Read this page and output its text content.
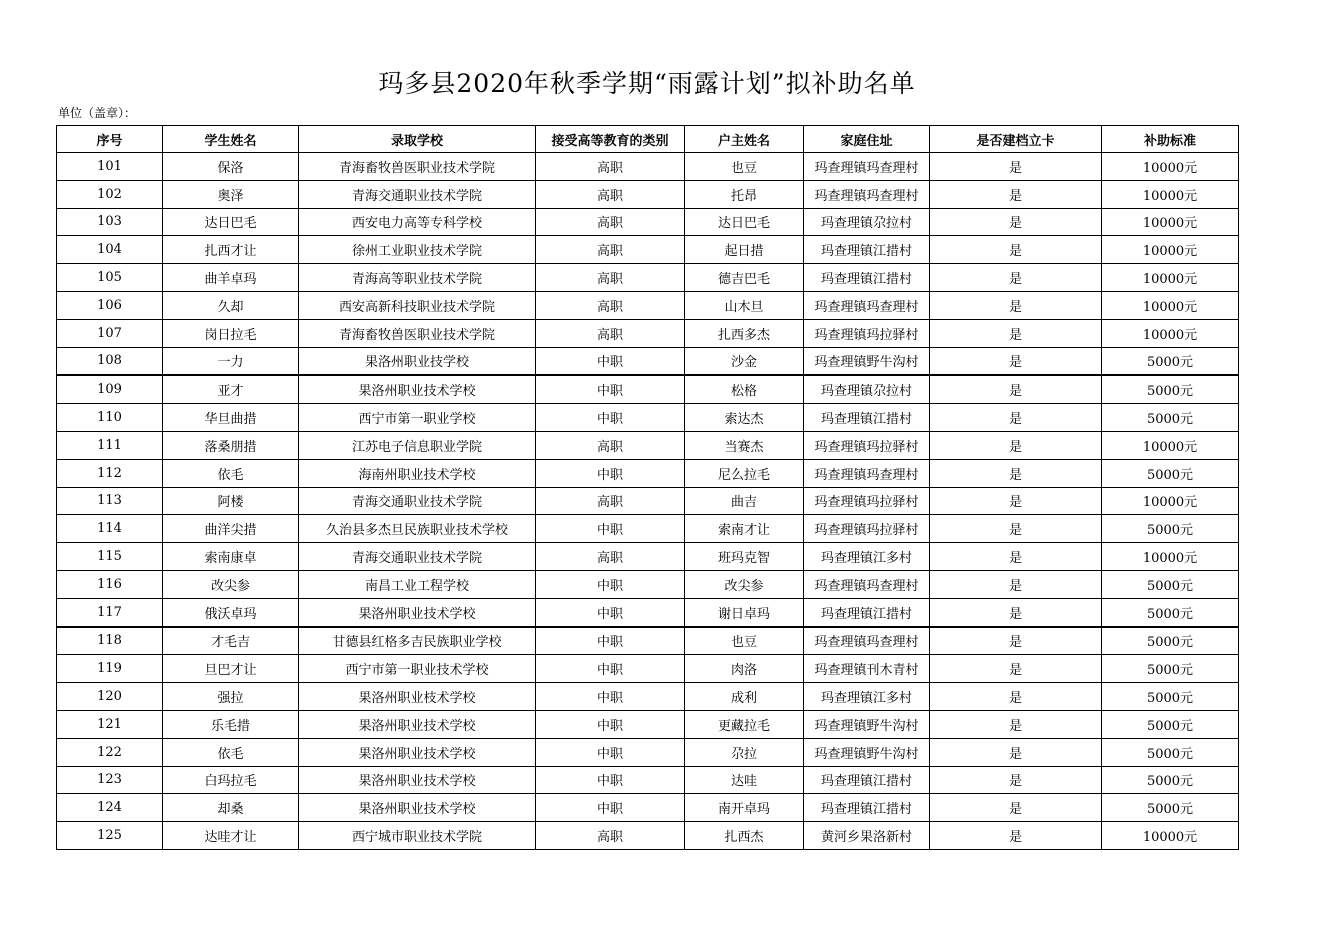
玛多县2020年秋季学期“雨露计划”拟补助名单
单位（盖章）：
序号	学生姓名	录取学校	接受高等教育的类别	户主姓名	家庭住址	是否建档立卡	补助标准
101	保洛	青海畜牧兽医职业技术学院	高职	也豆	玛查理镇玛查理村	是	10000元
102	奥泽	青海交通职业技术学院	高职	托昂	玛查理镇玛查理村	是	10000元
103	达日巴毛	西安电力高等专科学校	高职	达日巴毛	玛查理镇尕拉村	是	10000元
104	扎西才让	徐州工业职业技术学院	高职	起日措	玛查理镇江措村	是	10000元
105	曲羊卓玛	青海高等职业技术学院	高职	德吉巴毛	玛查理镇江措村	是	10000元
106	久却	西安高新科技职业技术学院	高职	山木旦	玛查理镇玛查理村	是	10000元
107	岗日拉毛	青海畜牧兽医职业技术学院	高职	扎西多杰	玛查理镇玛拉驿村	是	10000元
108	一力	果洛州职业技学校	中职	沙金	玛查理镇野牛沟村	是	5000元
109	亚才	果洛州职业技术学校	中职	松格	玛查理镇尕拉村	是	5000元
110	华旦曲措	西宁市第一职业学校	中职	索达杰	玛查理镇江措村	是	5000元
111	落桑朋措	江苏电子信息职业学院	高职	当赛杰	玛查理镇玛拉驿村	是	10000元
112	依毛	海南州职业技术学校	中职	尼么拉毛	玛查理镇玛查理村	是	5000元
113	阿楼	青海交通职业技术学院	高职	曲吉	玛查理镇玛拉驿村	是	10000元
114	曲洋尖措	久治县多杰旦民族职业技术学校	中职	索南才让	玛查理镇玛拉驿村	是	5000元
115	索南康卓	青海交通职业技术学院	高职	班玛克智	玛查理镇江多村	是	10000元
116	改尖参	南昌工业工程学校	中职	改尖参	玛查理镇玛查理村	是	5000元
117	俄沃卓玛	果洛州职业技术学校	中职	谢日卓玛	玛查理镇江措村	是	5000元
118	才毛吉	甘德县红格多吉民族职业学校	中职	也豆	玛查理镇玛查理村	是	5000元
119	旦巴才让	西宁市第一职业技术学校	中职	肉洛	玛查理镇刊木青村	是	5000元
120	强拉	果洛州职业枝术学校	中职	成利	玛查理镇江多村	是	5000元
121	乐毛措	果洛州职业技术学校	中职	更藏拉毛	玛查理镇野牛沟村	是	5000元
122	依毛	果洛州职业技术学校	中职	尕拉	玛查理镇野牛沟村	是	5000元
123	白玛拉毛	果洛州职业技术学校	中职	达哇	玛查理镇江措村	是	5000元
124	却桑	果洛州职业技术学校	中职	南开卓玛	玛查理镇江措村	是	5000元
125	达哇才让	西宁城市职业技术学院	高职	扎西杰	黄河乡果洛新村	是	10000元
